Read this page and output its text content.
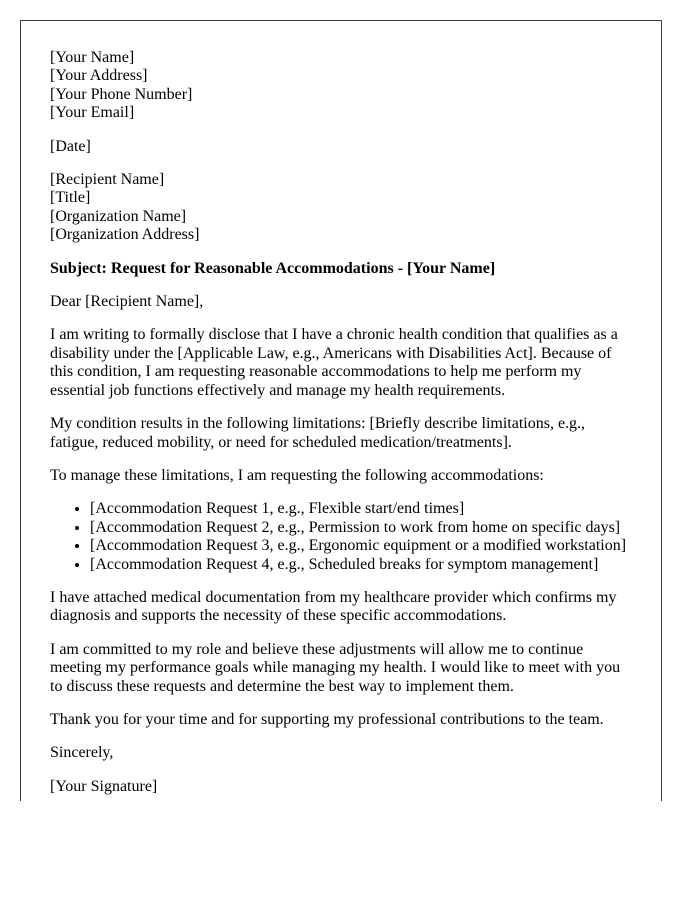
[Your Name]
[Your Address]
[Your Phone Number]
[Your Email]

[Date]

[Recipient Name]
[Title]
[Organization Name]
[Organization Address]

Subject: Request for Reasonable Accommodations - [Your Name]

Dear [Recipient Name],

I am writing to formally disclose that I have a chronic health condition that qualifies as a disability under the [Applicable Law, e.g., Americans with Disabilities Act]. Because of this condition, I am requesting reasonable accommodations to help me perform my essential job functions effectively and manage my health requirements.

My condition results in the following limitations: [Briefly describe limitations, e.g., fatigue, reduced mobility, or need for scheduled medication/treatments].

To manage these limitations, I am requesting the following accommodations:

• [Accommodation Request 1, e.g., Flexible start/end times]
• [Accommodation Request 2, e.g., Permission to work from home on specific days]
• [Accommodation Request 3, e.g., Ergonomic equipment or a modified workstation]
• [Accommodation Request 4, e.g., Scheduled breaks for symptom management]

I have attached medical documentation from my healthcare provider which confirms my diagnosis and supports the necessity of these specific accommodations.

I am committed to my role and believe these adjustments will allow me to continue meeting my performance goals while managing my health. I would like to meet with you to discuss these requests and determine the best way to implement them.

Thank you for your time and for supporting my professional contributions to the team.

Sincerely,

[Your Signature]
